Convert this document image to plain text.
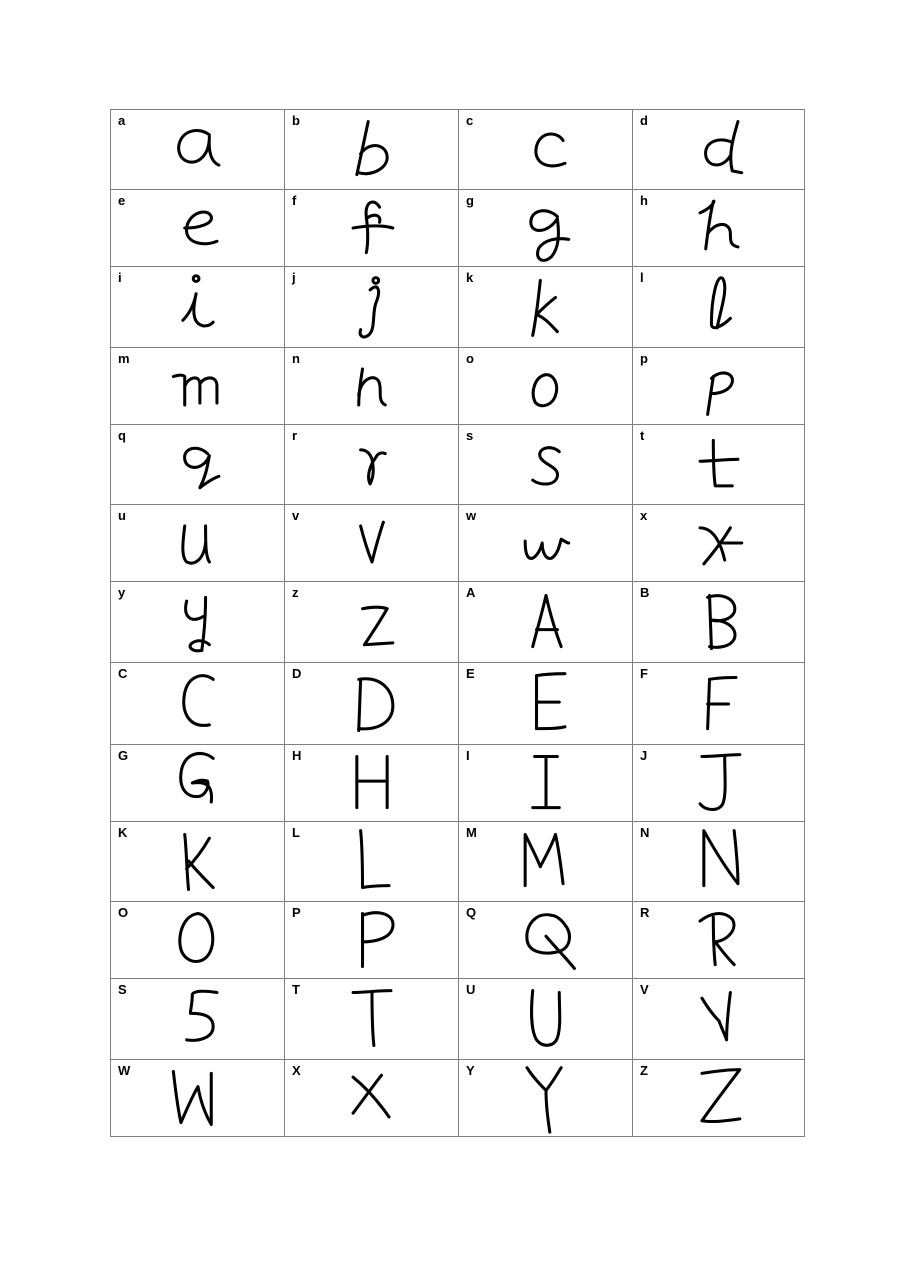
a	b	c	d

e	f	g	h

i	j	k	l

m	n	o	p

q	r	s	t

u	v	w	x

y	z	A	B

C	D	E	F

G	H	I	J

K	L	M	N

O	P	Q	R

S	T	U	V

W	X	Y	Z
